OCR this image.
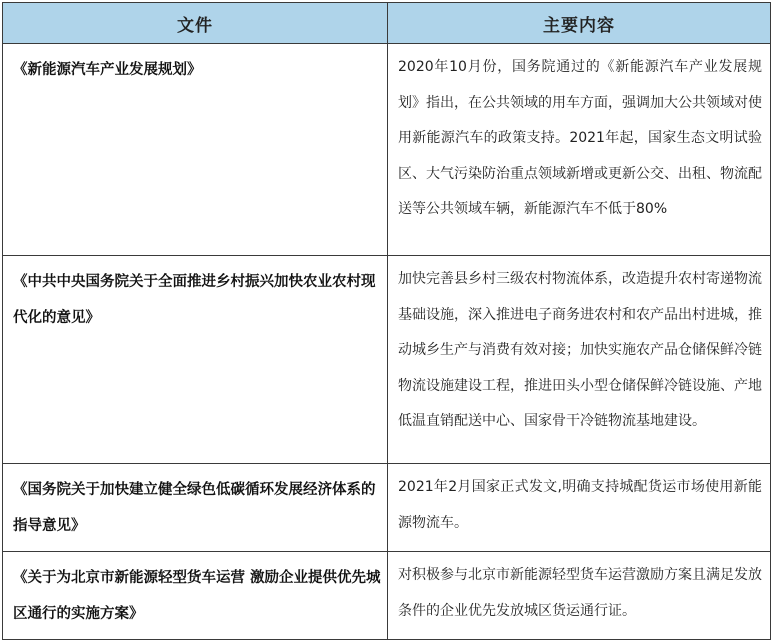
文件	主要内容
《新能源汽车产业发展规划》	2020年10月份，国务院通过的《新能源汽车产业发展规划》指出，在公共领域的用车方面，强调加大公共领域对使用新能源汽车的政策支持。2021年起，国家生态文明试验区、大气污染防治重点领域新增或更新公交、出租、物流配送等公共领域车辆，新能源汽车不低于80%
《中共中央国务院关于全面推进乡村振兴加快农业农村现代化的意见》	加快完善县乡村三级农村物流体系，改造提升农村寄递物流基础设施，深入推进电子商务进农村和农产品出村进城，推动城乡生产与消费有效对接；加快实施农产品仓储保鲜冷链物流设施建设工程，推进田头小型仓储保鲜冷链设施、产地低温直销配送中心、国家骨干冷链物流基地建设。
《国务院关于加快建立健全绿色低碳循环发展经济体系的指导意见》	2021年2月国家正式发文,明确支持城配货运市场使用新能源物流车。
《关于为北京市新能源轻型货车运营 激励企业提供优先城区通行的实施方案》	对积极参与北京市新能源轻型货车运营激励方案且满足发放条件的企业优先发放城区货运通行证。
